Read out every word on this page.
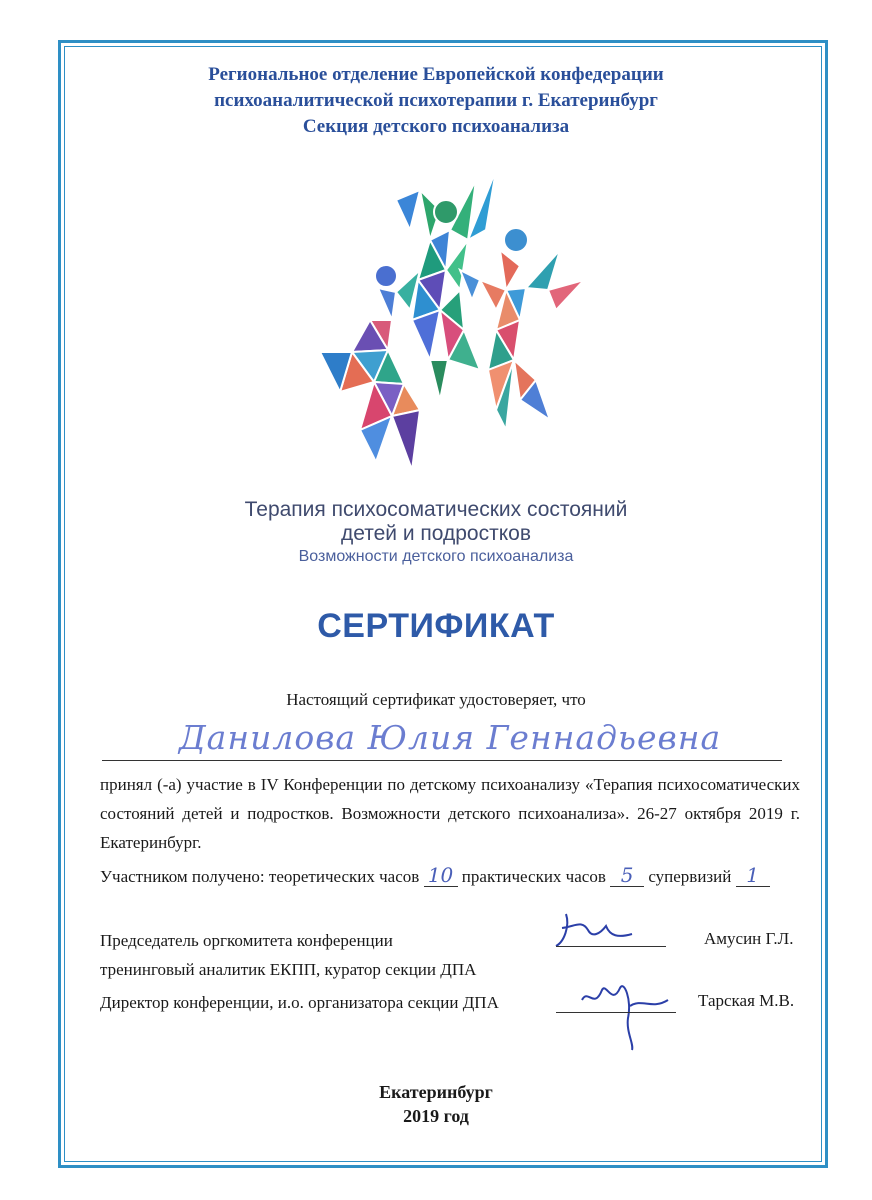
Региональное отделение Европейской конфедерации
психоаналитической психотерапии г. Екатеринбург
Секция детского психоанализа
Терапия психосоматических состояний
детей и подростков
Возможности детского психоанализа
СЕРТИФИКАТ
Настоящий сертификат удостоверяет, что
Данилова Юлия Геннадьевна
принял (-а) участие в IV Конференции по детскому психоанализу «Терапия психосоматических состояний детей и подростков. Возможности детского психоанализа». 26-27 октября 2019 г. Екатеринбург.
Участником получено: теоретических часов 10 практических часов 5 супервизий 1
Председатель оргкомитета конференции
тренинговый аналитик ЕКПП, куратор секции ДПА
Амусин Г.Л.
Директор конференции, и.о. организатора секции ДПА	Тарская М.В.
Екатеринбург
2019 год
